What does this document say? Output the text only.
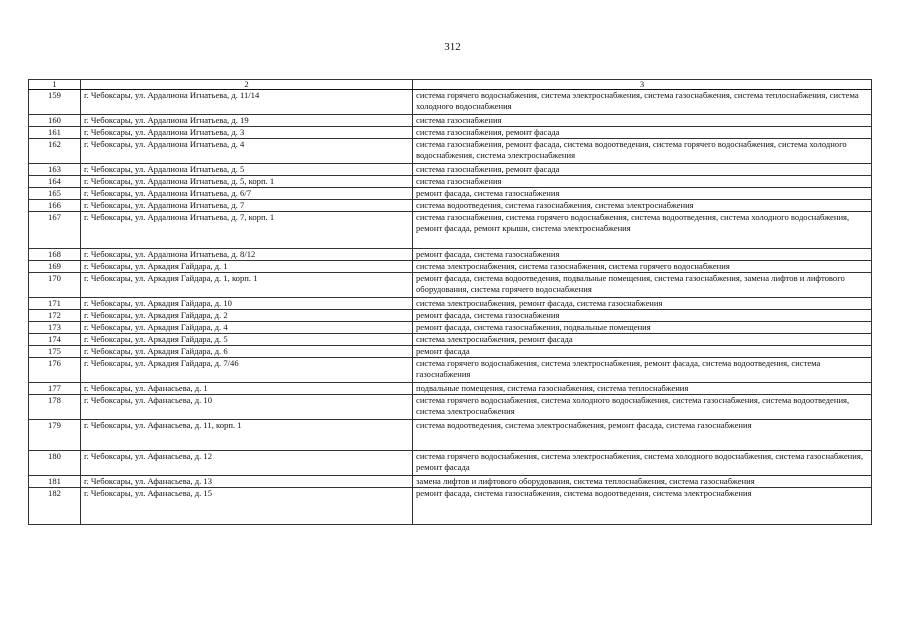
312
1	2	3
159	г. Чебоксары, ул. Ардалиона Игнатьева, д. 11/14	система горячего водоснабжения, система электроснабжения, система газоснабжения, система теплоснабжения, система холодного водоснабжения
160	г. Чебоксары, ул. Ардалиона Игнатьева, д. 19	система газоснабжения
161	г. Чебоксары, ул. Ардалиона Игнатьева, д. 3	система газоснабжения, ремонт фасада
162	г. Чебоксары, ул. Ардалиона Игнатьева, д. 4	система газоснабжения, ремонт фасада, система водоотведения, система горячего водоснабжения, система холодного водоснабжения, система электроснабжения
163	г. Чебоксары, ул. Ардалиона Игнатьева, д. 5	система газоснабжения, ремонт фасада
164	г. Чебоксары, ул. Ардалиона Игнатьева, д. 5, корп. 1	система газоснабжения
165	г. Чебоксары, ул. Ардалиона Игнатьева, д. 6/7	ремонт фасада, система газоснабжения
166	г. Чебоксары, ул. Ардалиона Игнатьева, д. 7	система водоотведения, система газоснабжения, система электроснабжения
167	г. Чебоксары, ул. Ардалиона Игнатьева, д. 7, корп. 1	система газоснабжения, система горячего водоснабжения, система водоотведения, система холодного водоснабжения, ремонт фасада, ремонт крыши, система электроснабжения
168	г. Чебоксары, ул. Ардалиона Игнатьева, д. 8/12	ремонт фасада, система газоснабжения
169	г. Чебоксары, ул. Аркадия Гайдара, д. 1	система электроснабжения, система газоснабжения, система горячего водоснабжения
170	г. Чебоксары, ул. Аркадия Гайдара, д. 1, корп. 1	ремонт фасада, система водоотведения, подвальные помещения, система газоснабжения, замена лифтов и лифтового оборудования, система горячего водоснабжения
171	г. Чебоксары, ул. Аркадия Гайдара, д. 10	система электроснабжения, ремонт фасада, система газоснабжения
172	г. Чебоксары, ул. Аркадия Гайдара, д. 2	ремонт фасада, система газоснабжения
173	г. Чебоксары, ул. Аркадия Гайдара, д. 4	ремонт фасада, система газоснабжения, подвальные помещения
174	г. Чебоксары, ул. Аркадия Гайдара, д. 5	система электроснабжения, ремонт фасада
175	г. Чебоксары, ул. Аркадия Гайдара, д. 6	ремонт фасада
176	г. Чебоксары, ул. Аркадия Гайдара, д. 7/46	система горячего водоснабжения, система электроснабжения, ремонт фасада, система водоотведения, система газоснабжения
177	г. Чебоксары, ул. Афанасьева, д. 1	подвальные помещения, система газоснабжения, система теплоснабжения
178	г. Чебоксары, ул. Афанасьева, д. 10	система горячего водоснабжения, система холодного водоснабжения, система газоснабжения, система водоотведения, система электроснабжения
179	г. Чебоксары, ул. Афанасьева, д. 11, корп. 1	система водоотведения, система электроснабжения, ремонт фасада, система газоснабжения
180	г. Чебоксары, ул. Афанасьева, д. 12	система горячего водоснабжения, система электроснабжения, система холодного водоснабжения, система газоснабжения, ремонт фасада
181	г. Чебоксары, ул. Афанасьева, д. 13	замена лифтов и лифтового оборудования, система теплоснабжения, система газоснабжения
182	г. Чебоксары, ул. Афанасьева, д. 15	ремонт фасада, система газоснабжения, система водоотведения, система электроснабжения
